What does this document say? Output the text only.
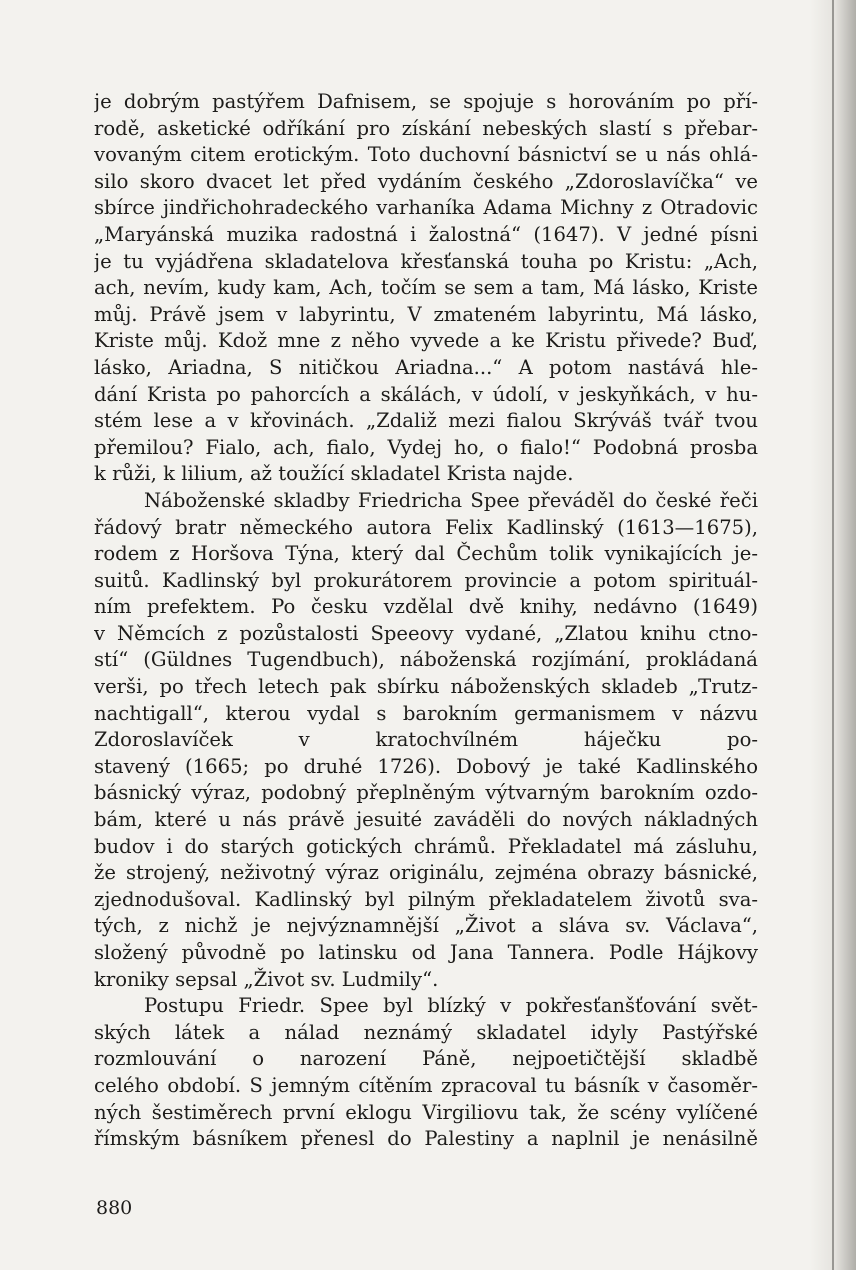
je dobrým pastýřem Dafnisem, se spojuje s horováním po pří-
rodě, asketické odříkání pro získání nebeských slastí s přebar-
vovaným citem erotickým. Toto duchovní básnictví se u nás ohlá-
silo skoro dvacet let před vydáním českého „Zdoroslavíčka“ ve
sbírce jindřichohradeckého varhaníka Adama Michny z Otradovic
„Maryánská muzika radostná i žalostná“ (1647). V jedné písni
je tu vyjádřena skladatelova křesťanská touha po Kristu: „Ach,
ach, nevím, kudy kam, Ach, točím se sem a tam, Má lásko, Kriste
můj. Právě jsem v labyrintu, V zmateném labyrintu, Má lásko,
Kriste můj. Kdož mne z něho vyvede a ke Kristu přivede? Buď,
lásko, Ariadna, S nitičkou Ariadna...“ A potom nastává hle-
dání Krista po pahorcích a skálách, v údolí, v jeskyňkách, v hu-
stém lese a v křovinách. „Zdaliž mezi fialou Skrýváš tvář tvou
přemilou? Fialo, ach, fialo, Vydej ho, o fialo!“ Podobná prosba
k růži, k lilium, až toužící skladatel Krista najde.
Náboženské skladby Friedricha Spee převáděl do české řeči
řádový bratr německého autora Felix Kadlinský (1613—1675),
rodem z Horšova Týna, který dal Čechům tolik vynikajících je-
suitů. Kadlinský byl prokurátorem provincie a potom spirituál-
ním prefektem. Po česku vzdělal dvě knihy, nedávno (1649)
v Němcích z pozůstalosti Speeovy vydané, „Zlatou knihu ctno-
stí“ (Güldnes Tugendbuch), náboženská rozjímání, prokládaná
verši, po třech letech pak sbírku náboženských skladeb „Trutz-
nachtigall“, kterou vydal s barokním germanismem v názvu
Zdoroslavíček v kratochvílném háječku po-
stavený (1665; po druhé 1726). Dobový je také Kadlinského
básnický výraz, podobný přeplněným výtvarným barokním ozdo-
bám, které u nás právě jesuité zaváděli do nových nákladných
budov i do starých gotických chrámů. Překladatel má zásluhu,
že strojený, neživotný výraz originálu, zejména obrazy básnické,
zjednodušoval. Kadlinský byl pilným překladatelem životů sva-
tých, z nichž je nejvýznamnější „Život a sláva sv. Václava“,
složený původně po latinsku od Jana Tannera. Podle Hájkovy
kroniky sepsal „Život sv. Ludmily“.
Postupu Friedr. Spee byl blízký v pokřesťanšťování svět-
ských látek a nálad neznámý skladatel idyly Pastýřské
rozmlouvání o narození Páně, nejpoetičtější skladbě
celého období. S jemným cítěním zpracoval tu básník v časoměr-
ných šestiměrech první eklogu Virgiliovu tak, že scény vylíčené
římským básníkem přenesl do Palestiny a naplnil je nenásilně
880
